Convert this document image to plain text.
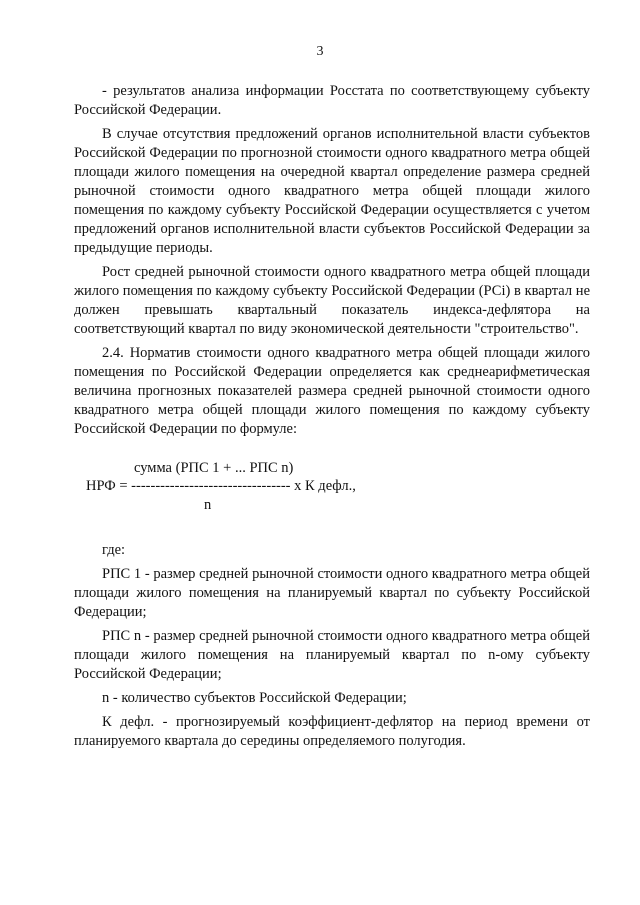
3

- результатов анализа информации Росстата по соответствующему субъекту Российской Федерации.

В случае отсутствия предложений органов исполнительной власти субъектов Российской Федерации по прогнозной стоимости одного квадратного метра общей площади жилого помещения на очередной квартал определение размера средней рыночной стоимости одного квадратного метра общей площади жилого помещения по каждому субъекту Российской Федерации осуществляется с учетом предложений органов исполнительной власти субъектов Российской Федерации за предыдущие периоды.

Рост средней рыночной стоимости одного квадратного метра общей площади жилого помещения по каждому субъекту Российской Федерации (РСi) в квартал не должен превышать квартальный показатель индекса-дефлятора на соответствующий квартал по виду экономической деятельности "строительство".

2.4. Норматив стоимости одного квадратного метра общей площади жилого помещения по Российской Федерации определяется как среднеарифметическая величина прогнозных показателей размера средней рыночной стоимости одного квадратного метра общей площади жилого помещения по каждому субъекту Российской Федерации по формуле:

сумма (РПС 1 + ... РПС n)
НРФ = --------------------------------- х К дефл.,
n

где:

РПС 1 - размер средней рыночной стоимости одного квадратного метра общей площади жилого помещения на планируемый квартал по субъекту Российской Федерации;

РПС n - размер средней рыночной стоимости одного квадратного метра общей площади жилого помещения на планируемый квартал по n-ому субъекту Российской Федерации;

n - количество субъектов Российской Федерации;

К дефл. - прогнозируемый коэффициент-дефлятор на период времени от планируемого квартала до середины определяемого полугодия.
